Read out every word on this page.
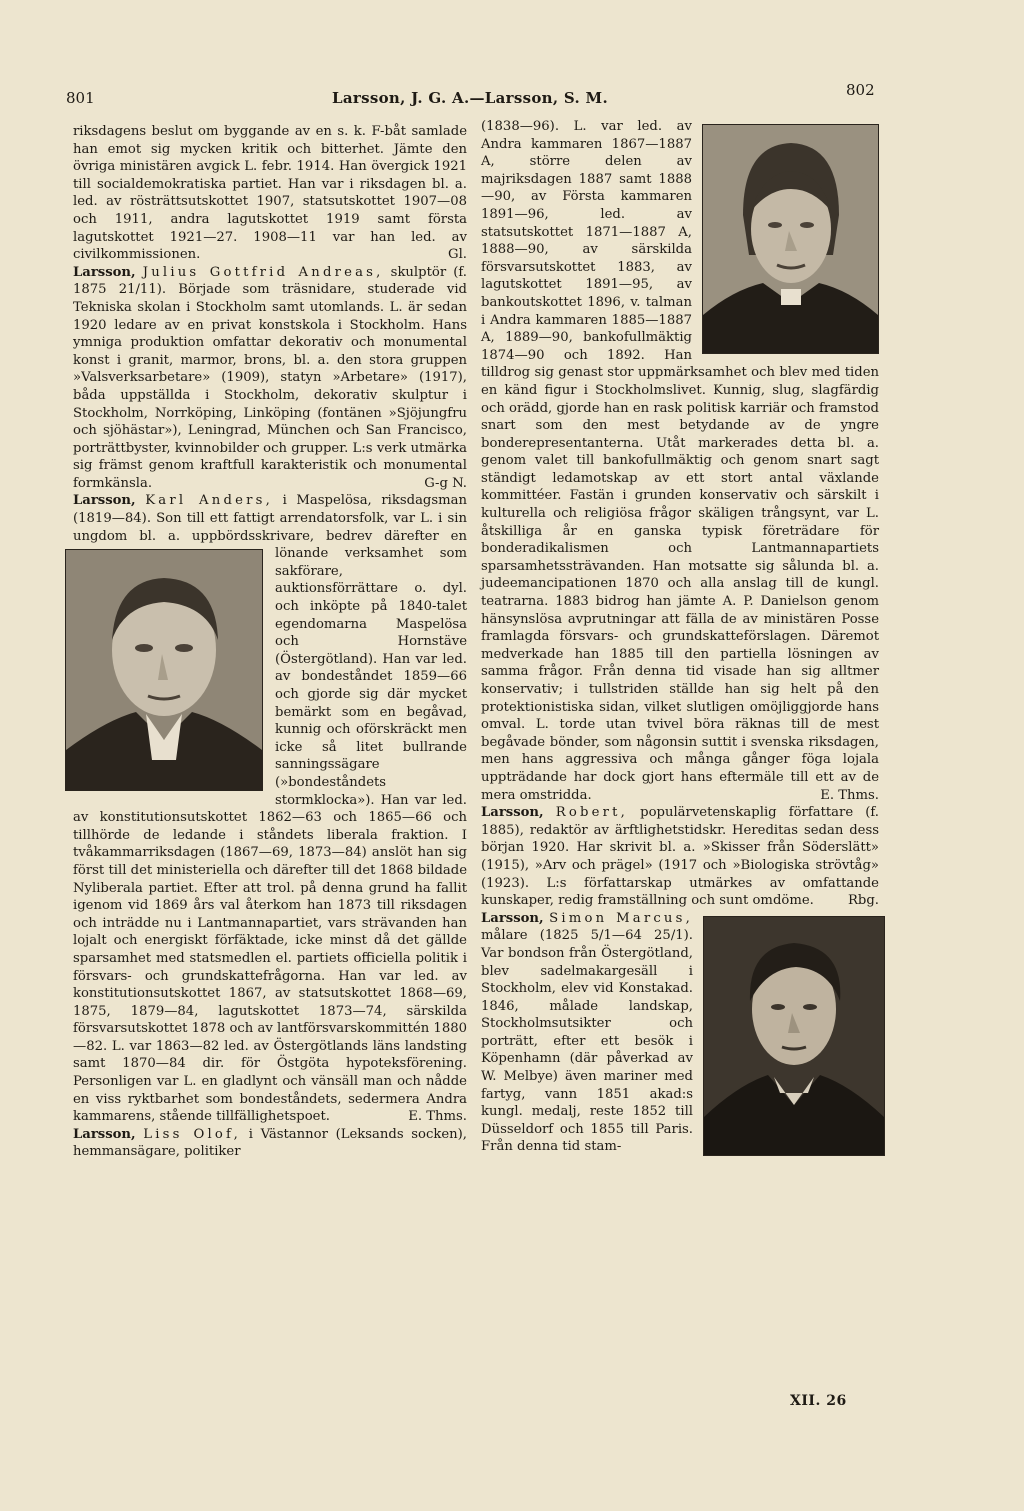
801	Larsson, J. G. A.—Larsson, S. M.	802

riksdagens beslut om byggande av en s. k. F-båt samlade han emot sig mycken kritik och bitterhet. Jämte den övriga ministären avgick L. febr. 1914. Han övergick 1921 till socialdemokratiska partiet. Han var i riksdagen bl. a. led. av rösträttsutskottet 1907, statsutskottet 1907—08 och 1911, andra lagutskottet 1919 samt första lagutskottet 1921—27. 1908—11 var han led. av civilkommissionen.	Gl.

Larsson, Julius Gottfrid Andreas, skulptör (f. 1875 21/11). Började som träsnidare, studerade vid Tekniska skolan i Stockholm samt utomlands. L. är sedan 1920 ledare av en privat konstskola i Stockholm. Hans ymniga produktion omfattar dekorativ och monumental konst i granit, marmor, brons, bl. a. den stora gruppen »Valsverksarbetare» (1909), statyn »Arbetare» (1917), båda uppställda i Stockholm, dekorativ skulptur i Stockholm, Norrköping, Linköping (fontänen »Sjöjungfru och sjöhästar»), Leningrad, München och San Francisco, porträttbyster, kvinnobilder och grupper. L:s verk utmärka sig främst genom kraftfull karakteristik och monumental formkänsla.	G-g N.

Larsson, Karl Anders, i Maspelösa, riksdagsman (1819—84). Son till ett fattigt arrendatorsfolk, var L. i sin ungdom bl. a. uppbördsskrivare, bedrev därefter en
lönande verksamhet som sakförare, auktionsförrättare o. dyl. och inköpte på 1840-talet egendomarna Maspelösa och Hornstäve (Östergötland). Han var led. av bondeståndet 1859—66 och gjorde sig där mycket bemärkt som en begåvad, kunnig och oförskräckt men icke så litet bullrande sanningssägare (»bondeståndets stormklocka»). Han var led. av konstitutionsutskottet 1862—63 och 1865—66 och tillhörde de ledande i ståndets liberala fraktion. I tvåkammarriksdagen (1867—69, 1873—84) anslöt han sig först till det ministeriella och därefter till det 1868 bildade Nyliberala partiet. Efter att trol. på denna grund ha fallit igenom vid 1869 års val återkom han 1873 till riksdagen och inträdde nu i Lantmannapartiet, vars strävanden han lojalt och energiskt förfäktade, icke minst då det gällde sparsamhet med statsmedlen el. partiets officiella politik i försvars- och grundskattefrågorna. Han var led. av konstitutionsutskottet 1867, av statsutskottet 1868—69, 1875, 1879—84, lagutskottet 1873—74, särskilda försvarsutskottet 1878 och av lantförsvarskommittén 1880—82. L. var 1863—82 led. av Östergötlands läns landsting samt 1870—84 dir. för Östgöta hypoteksförening. Personligen var L. en gladlynt och vänsäll man och nådde en viss ryktbarhet som bondeståndets, sedermera Andra kammarens, stående tillfällighetspoet.	E. Thms.

Larsson, Liss Olof, i Västannor (Leksands socken), hemmansägare, politiker

(1838—96). L. var led. av Andra kammaren 1867—1887 A, större delen av majriksdagen 1887 samt 1888—90, av Första kammaren 1891—96, led. av statsutskottet 1871—1887 A, 1888—90, av särskilda försvarsutskottet 1883, av lagutskottet 1891—95, av bankoutskottet 1896, v. talman i Andra kammaren 1885—1887 A, 1889—90, bankofullmäktig 1874—90 och 1892. Han tilldrog sig genast stor uppmärksamhet och blev med tiden en känd figur i Stockholmslivet. Kunnig, slug, slagfärdig och orädd, gjorde han en rask politisk karriär och framstod snart som den mest betydande av de yngre bonderepresentanterna. Utåt markerades detta bl. a. genom valet till bankofullmäktig och genom snart sagt ständigt ledamotskap av ett stort antal växlande kommittéer. Fastän i grunden konservativ och särskilt i kulturella och religiösa frågor skäligen trångsynt, var L. åtskilliga år en ganska typisk företrädare för bonderadikalismen och Lantmannapartiets sparsamhetssträvanden. Han motsatte sig sålunda bl. a. judeemancipationen 1870 och alla anslag till de kungl. teatrarna. 1883 bidrog han jämte A. P. Danielson genom hänsynslösa avprutningar att fälla de av ministären Posse framlagda försvars- och grundskatteförslagen. Däremot medverkade han 1885 till den partiella lösningen av samma frågor. Från denna tid visade han sig alltmer konservativ; i tullstriden ställde han sig helt på den protektionistiska sidan, vilket slutligen omöjliggjorde hans omval. L. torde utan tvivel böra räknas till de mest begåvade bönder, som någonsin suttit i svenska riksdagen, men hans aggressiva och många gånger föga lojala uppträdande har dock gjort hans eftermäle till ett av de mera omstridda.	E. Thms.

Larsson, Robert, populärvetenskaplig författare (f. 1885), redaktör av ärftlighetstidskr. Hereditas sedan dess början 1920. Har skrivit bl. a. »Skisser från Söderslätt» (1915), »Arv och prägel» (1917 och »Biologiska strövtåg» (1923). L:s författarskap utmärkes av omfattande kunskaper, redig framställning och sunt omdöme.	Rbg.

Larsson, Simon Marcus,
målare (1825 5/1—64 25/1). Var bondson från Östergötland, blev sadelmakargesäll i Stockholm, elev vid Konstakad. 1846, målade landskap, Stockholmsutsikter och porträtt, efter ett besök i Köpenhamn (där påverkad av W. Melbye) även mariner med fartyg, vann 1851 akad:s kungl. medalj, reste 1852 till Düsseldorf och 1855 till Paris. Från denna tid stam-

XII. 26
